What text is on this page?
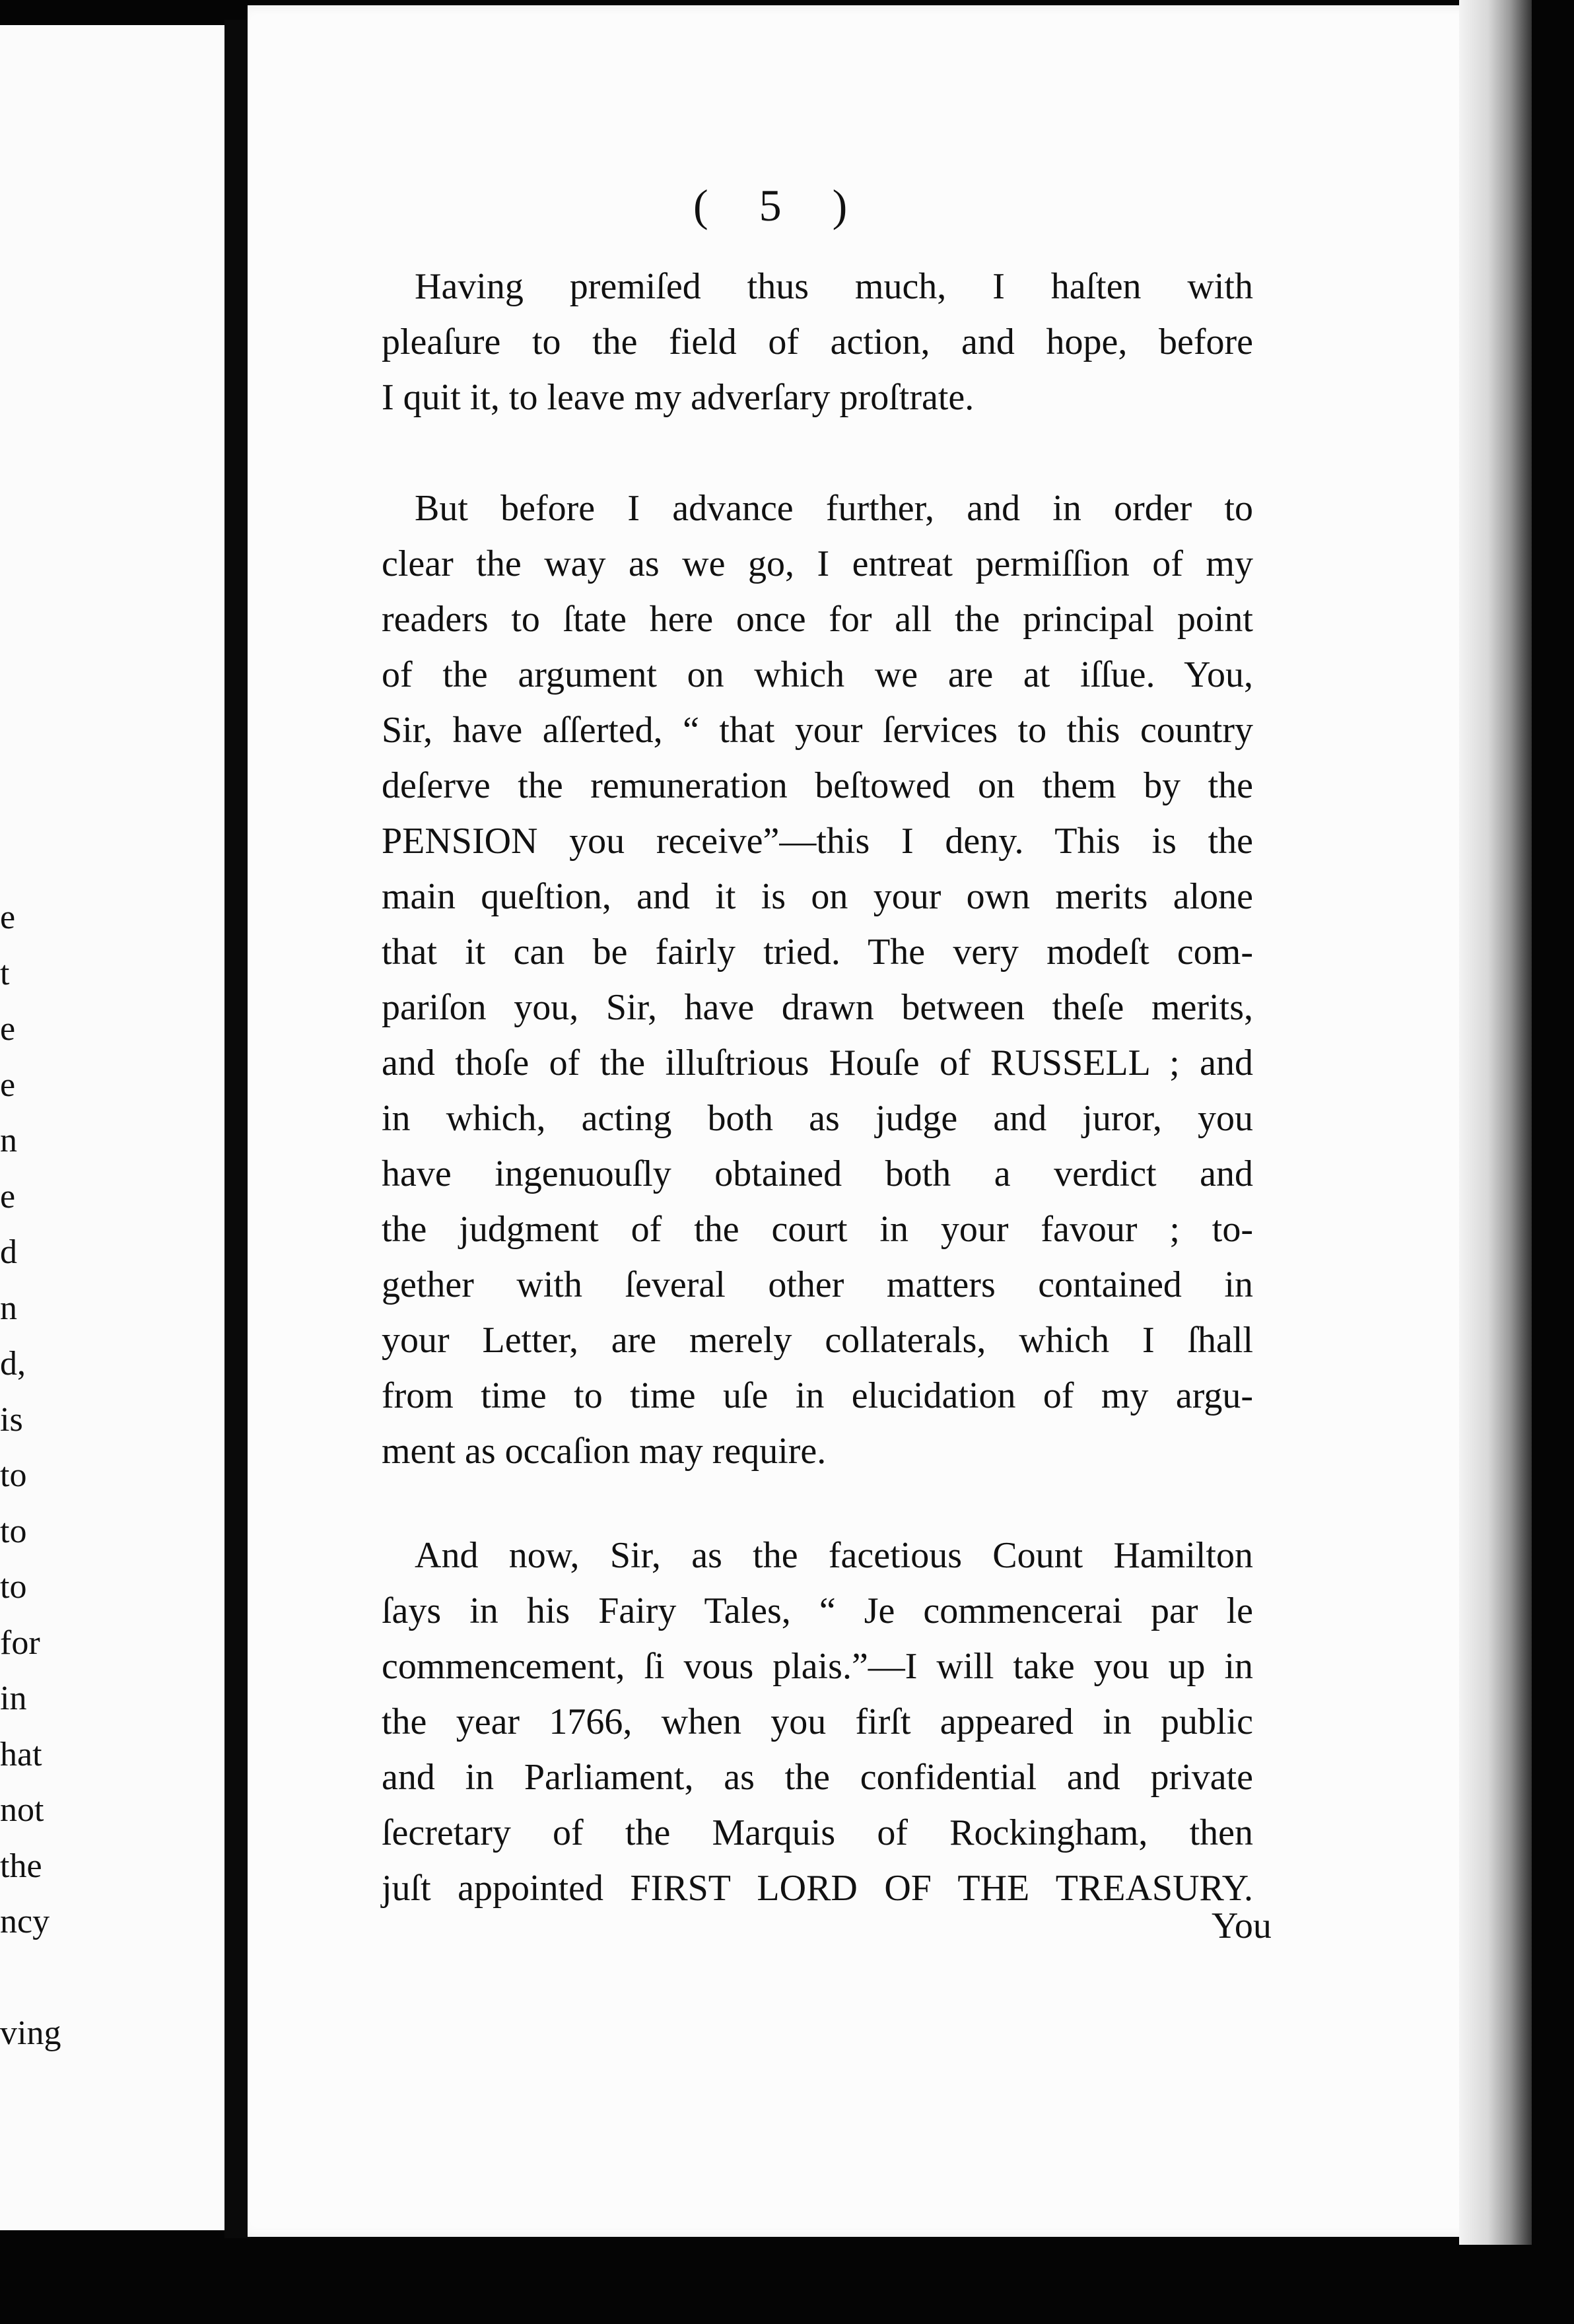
e
t
e
e
n
e
d
n
d,
is
to
to
to
for
in
hat
not
the
ncy
ving
( 5 )
Having premiſed thus much, I haſten with
pleaſure to the field of action, and hope, before
I quit it, to leave my adverſary proſtrate.
But before I advance further, and in order to
clear the way as we go, I entreat permiſſion of my
readers to ſtate here once for all the principal point
of the argument on which we are at iſſue. You,
Sir, have aſſerted, “ that your ſervices to this country
deſerve the remuneration beſtowed on them by the
PENSION you receive”—this I deny. This is the
main queſtion, and it is on your own merits alone
that it can be fairly tried. The very modeſt com-
pariſon you, Sir, have drawn between theſe merits,
and thoſe of the illuſtrious Houſe of RUSSELL ; and
in which, acting both as judge and juror, you
have ingenuouſly obtained both a verdict and
the judgment of the court in your favour ; to-
gether with ſeveral other matters contained in
your Letter, are merely collaterals, which I ſhall
from time to time uſe in elucidation of my argu-
ment as occaſion may require.
And now, Sir, as the facetious Count Hamilton
ſays in his Fairy Tales, “ Je commencerai par le
commencement, ſi vous plais.”—I will take you up in
the year 1766, when you firſt appeared in public
and in Parliament, as the confidential and private
ſecretary of the Marquis of Rockingham, then
juſt appointed FIRST LORD OF THE TREASURY.
You
